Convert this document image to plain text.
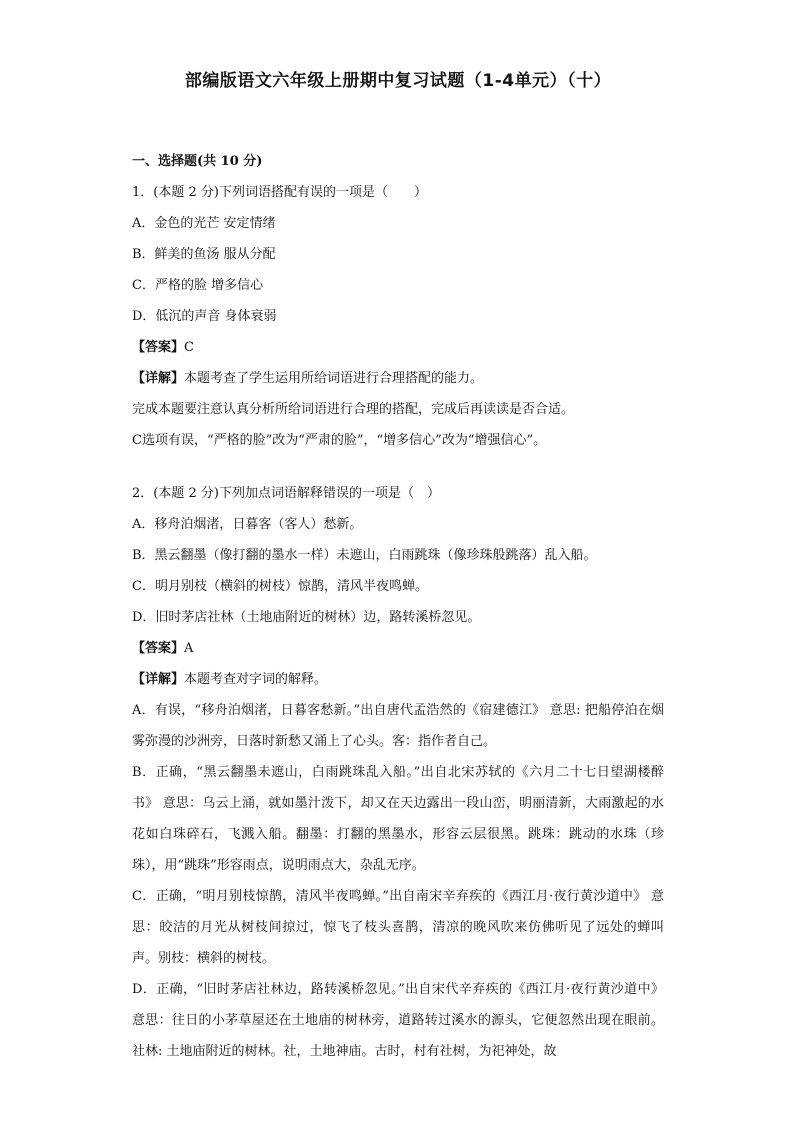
部编版语文六年级上册期中复习试题（1-4单元）（十）
一、选择题(共 10 分)

1．(本题 2 分)下列词语搭配有误的一项是（　　）

A．金色的光芒 安定情绪

B．鲜美的鱼汤 服从分配

C．严格的脸 增多信心

D．低沉的声音 身体衰弱

【答案】C

【详解】本题考查了学生运用所给词语进行合理搭配的能力。

完成本题要注意认真分析所给词语进行合理的搭配，完成后再读读是否合适。

C选项有误，“严格的脸”改为“严肃的脸”，“增多信心”改为“增强信心”。

2．(本题 2 分)下列加点词语解释错误的一项是（　）

A．移舟泊烟渚，日暮客（客人）愁新。

B．黑云翻墨（像打翻的墨水一样）未遮山，白雨跳珠（像珍珠般跳落）乱入船。

C．明月别枝（横斜的树枝）惊鹊，清风半夜鸣蝉。

D．旧时茅店社林（土地庙附近的树林）边，路转溪桥忽见。

【答案】A

【详解】本题考查对字词的解释。

A．有误，“移舟泊烟渚，日暮客愁新。”出自唐代孟浩然的《宿建德江》 意思: 把船停泊在烟雾弥漫的沙洲旁，日落时新愁又涌上了心头。客：指作者自己。

B．正确，“黑云翻墨未遮山，白雨跳珠乱入船。”出自北宋苏轼的《六月二十七日望湖楼醉书》 意思：乌云上涌，就如墨汁泼下，却又在天边露出一段山峦，明丽清新，大雨激起的水花如白珠碎石，飞溅入船。翻墨：打翻的黑墨水，形容云层很黑。跳珠：跳动的水珠（珍珠），用“跳珠”形容雨点，说明雨点大，杂乱无序。

C．正确，“明月别枝惊鹊，清风半夜鸣蝉。”出自南宋辛弃疾的《西江月·夜行黄沙道中》 意思：皎洁的月光从树枝间掠过，惊飞了枝头喜鹊，清凉的晚风吹来仿佛听见了远处的蝉叫声。别枝：横斜的树枝。

D．正确，“旧时茅店社林边，路转溪桥忽见。”出自宋代辛弃疾的《西江月·夜行黄沙道中》 意思：往日的小茅草屋还在土地庙的树林旁，道路转过溪水的源头，它便忽然出现在眼前。社林: 土地庙附近的树林。社，土地神庙。古时，村有社树，为祀神处，故
